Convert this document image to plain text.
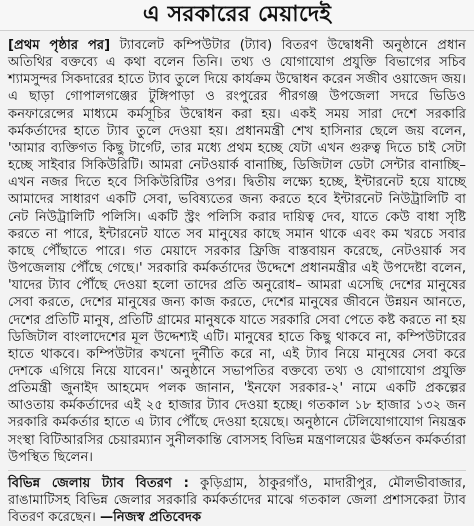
এ সরকারের মেয়াদেই

[প্রথম পৃষ্ঠার পর] ট্যাবলেট কম্পিউটার (ট্যাব) বিতরণ উদ্বোধনী অনুষ্ঠানে প্রধান অতিথির বক্তব্যে এ কথা বলেন তিনি। তথ্য ও যোগাযোগ প্রযুক্তি বিভাগের সচিব শ্যামসুন্দর সিকদারের হাতে ট্যাব তুলে দিয়ে কার্যক্রম উদ্বোধন করেন সজীব ওয়াজেদ জয়। এ ছাড়া গোপালগঞ্জের টুঙ্গিপাড়া ও রংপুরের পীরগঞ্জ উপজেলা সদরে ভিডিও কনফারেন্সের মাধ্যমে কর্মসূচির উদ্বোধন করা হয়। একই সময় সারা দেশে সরকারি কর্মকর্তাদের হাতে ট্যাব তুলে দেওয়া হয়। প্রধানমন্ত্রী শেখ হাসিনার ছেলে জয় বলেন, 'আমার ব্যক্তিগত কিছু টার্গেট, তার মধ্যে প্রথম হচ্ছে যেটা এখন গুরুত্ব দিতে চাই সেটা হচ্ছে সাইবার সিকিউরিটি। আমরা নেটওয়ার্ক বানাচ্ছি, ডিজিটাল ডেটা সেন্টার বানাচ্ছি– এখন নজর দিতে হবে সিকিউরিটির ওপর। দ্বিতীয় লক্ষ্যে হচ্ছে, ইন্টারনেট হয়ে যাচ্ছে আমাদের সাধারণ একটি সেবা, ভবিষ্যতের জন্য করতে হবে ইন্টারনেট নিউট্রালিটি বা নেট নিউট্রালিটি পলিসি। একটি স্ট্রং পলিসি করার দায়িত্ব দেব, যাতে কেউ বাধা সৃষ্টি করতে না পারে, ইন্টারনেট যাতে সব মানুষের কাছে সমান থাকে এবং কম খরচে সবার কাছে পৌঁছাতে পারে। গত মেয়াদে সরকার ফ্রিজি বাস্তবায়ন করেছে, নেটওয়ার্ক সব উপজেলায় পৌঁছে গেছে।' সরকারি কর্মকর্তাদের উদ্দেশে প্রধানমন্ত্রীর এই উপদেষ্টা বলেন, 'যাদের ট্যাব পৌঁছে দেওয়া হলো তাদের প্রতি অনুরোধ– আমরা এসেছি দেশের মানুষের সেবা করতে, দেশের মানুষের জন্য কাজ করতে, দেশের মানুষের জীবনে উন্নয়ন আনতে, দেশের প্রতিটি মানুষ, প্রতিটি গ্রামের মানুষকে যাতে সরকারি সেবা পেতে কষ্ট করতে না হয় ডিজিটাল বাংলাদেশের মূল উদ্দেশ্যই এটি। মানুষের হাতে কিছু থাকবে না, কম্পিউটারের হাতে থাকবে। কম্পিউটার কখনো দুর্নীতি করে না, এই ট্যাব নিয়ে মানুষের সেবা করে দেশকে এগিয়ে নিয়ে যাবেন।' অনুষ্ঠানে সভাপতির বক্তব্যে তথ্য ও যোগাযোগ প্রযুক্তি প্রতিমন্ত্রী জুনাইদ আহমেদ পলক জানান, 'ইনফো সরকার-২' নামে একটি প্রকল্পের আওতায় কর্মকর্তাদের এই ২৫ হাজার ট্যাব দেওয়া হচ্ছে। গতকাল ১৮ হাজার ১৩২ জন সরকারি কর্মকর্তার হাতে এ ট্যাব পৌঁছে দেওয়া হয়েছে। অনুষ্ঠানে টেলিযোগাযোগ নিয়ন্ত্রক সংস্থা বিটিআরসির চেয়ারম্যান সুনীলকান্তি বোসসহ বিভিন্ন মন্ত্রণালয়ের ঊর্ধ্বতন কর্মকর্তারা উপস্থিত ছিলেন।

বিভিন্ন জেলায় ট্যাব বিতরণ : কুড়িগ্রাম, ঠাকুরগাঁও, মাদারীপুর, মৌলভীবাজার, রাঙামাটিসহ বিভিন্ন জেলার সরকারি কর্মকর্তাদের মাঝে গতকাল জেলা প্রশাসকেরা ট্যাব বিতরণ করেছেন। —নিজস্ব প্রতিবেদক
